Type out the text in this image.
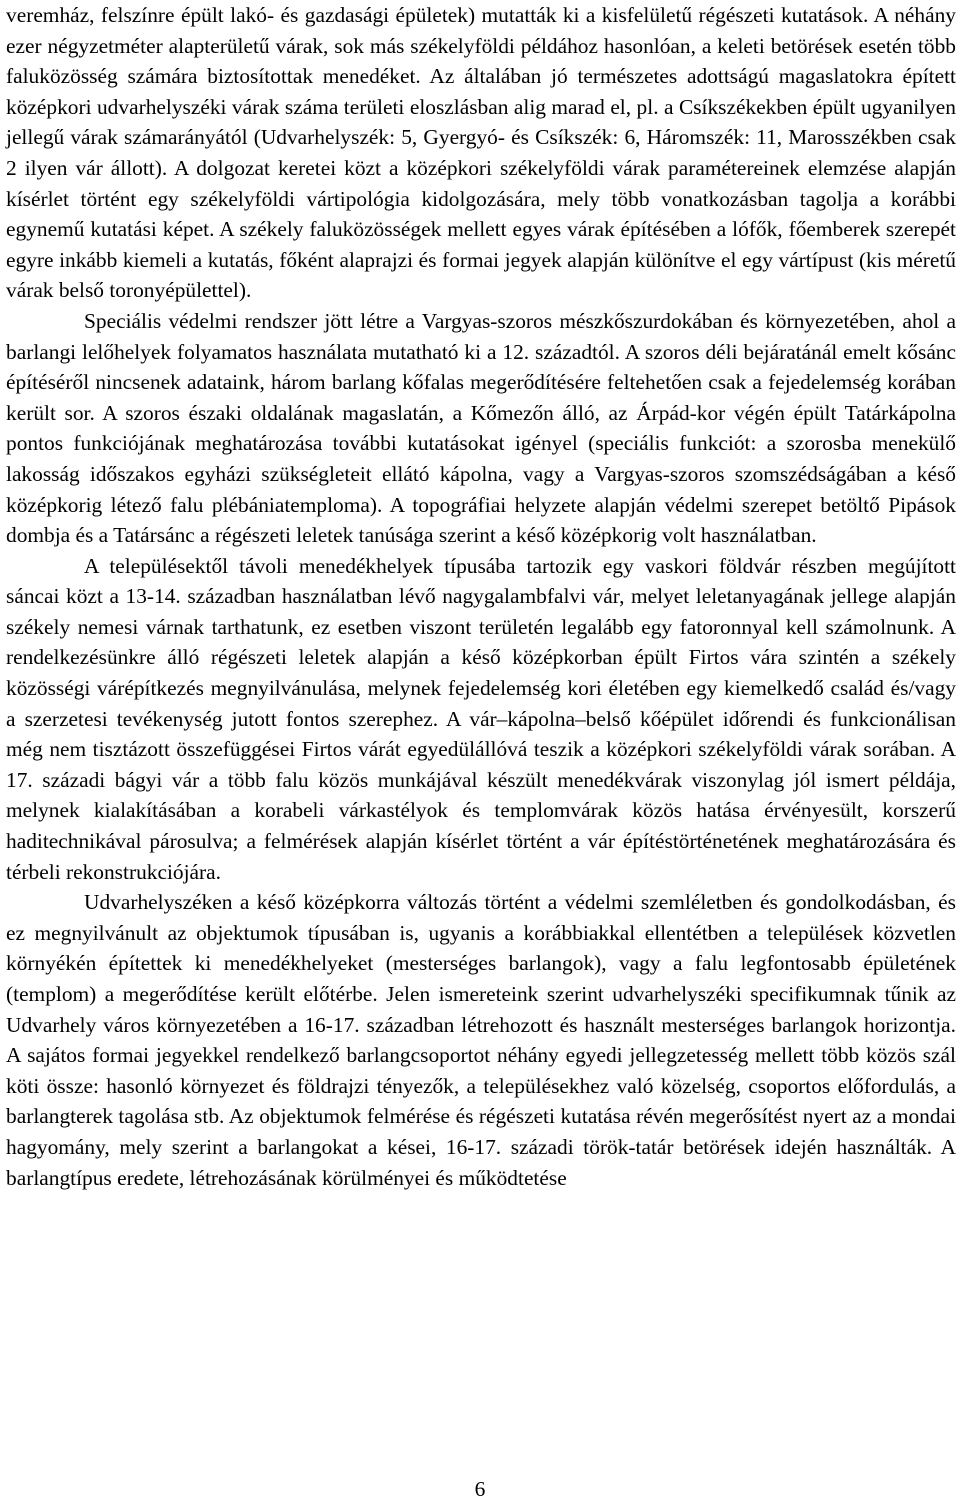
veremház, felszínre épült lakó- és gazdasági épületek) mutatták ki a kisfelületű régészeti kutatások. A néhány ezer négyzetméter alapterületű várak, sok más székelyföldi példához hasonlóan, a keleti betörések esetén több faluközösség számára biztosítottak menedéket. Az általában jó természetes adottságú magaslatokra épített középkori udvarhelyszéki várak száma területi eloszlásban alig marad el, pl. a Csíkszékekben épült ugyanilyen jellegű várak számarányától (Udvarhelyszék: 5, Gyergyó- és Csíkszék: 6, Háromszék: 11, Marosszékben csak 2 ilyen vár állott). A dolgozat keretei közt a középkori székelyföldi várak paramétereinek elemzése alapján kísérlet történt egy székelyföldi vártipológia kidolgozására, mely több vonatkozásban tagolja a korábbi egynemű kutatási képet. A székely faluközösségek mellett egyes várak építésében a lófők, főemberek szerepét egyre inkább kiemeli a kutatás, főként alaprajzi és formai jegyek alapján különítve el egy vártípust (kis méretű várak belső toronyépülettel).

Speciális védelmi rendszer jött létre a Vargyas-szoros mészkőszurdokában és környezetében, ahol a barlangi lelőhelyek folyamatos használata mutatható ki a 12. századtól. A szoros déli bejáratánál emelt kősánc építéséről nincsenek adataink, három barlang kőfalas megerődítésére feltehetően csak a fejedelemség korában került sor. A szoros északi oldalának magaslatán, a Kőmezőn álló, az Árpád-kor végén épült Tatárkápolna pontos funkciójának meghatározása további kutatásokat igényel (speciális funkciót: a szorosba menekülő lakosság időszakos egyházi szükségleteit ellátó kápolna, vagy a Vargyas-szoros szomszédságában a késő középkorig létező falu plébániatemploma). A topográfiai helyzete alapján védelmi szerepet betöltő Pipások dombja és a Tatársánc a régészeti leletek tanúsága szerint a késő középkorig volt használatban.

A településektől távoli menedékhelyek típusába tartozik egy vaskori földvár részben megújított sáncai közt a 13-14. században használatban lévő nagygalambfalvi vár, melyet leletanyagának jellege alapján székely nemesi várnak tarthatunk, ez esetben viszont területén legalább egy fatoronnyal kell számolnunk. A rendelkezésünkre álló régészeti leletek alapján a késő középkorban épült Firtos vára szintén a székely közösségi várépítkezés megnyilvánulása, melynek fejedelemség kori életében egy kiemelkedő család és/vagy a szerzetesi tevékenység jutott fontos szerephez. A vár–kápolna–belső kőépület időrendi és funkcionálisan még nem tisztázott összefüggései Firtos várát egyedülállóvá teszik a középkori székelyföldi várak sorában. A 17. századi bágyi vár a több falu közös munkájával készült menedékvárak viszonylag jól ismert példája, melynek kialakításában a korabeli várkastélyok és templomvárak közös hatása érvényesült, korszerű haditechnikával párosulva; a felmérések alapján kísérlet történt a vár építéstörténetének meghatározására és térbeli rekonstrukciójára.

Udvarhelyszéken a késő középkorra változás történt a védelmi szemléletben és gondolkodásban, és ez megnyilvánult az objektumok típusában is, ugyanis a korábbiakkal ellentétben a települések közvetlen környékén építettek ki menedékhelyeket (mesterséges barlangok), vagy a falu legfontosabb épületének (templom) a megerődítése került előtérbe. Jelen ismereteink szerint udvarhelyszéki specifikumnak tűnik az Udvarhely város környezetében a 16-17. században létrehozott és használt mesterséges barlangok horizontja. A sajátos formai jegyekkel rendelkező barlangcsoportot néhány egyedi jellegzetesség mellett több közös szál köti össze: hasonló környezet és földrajzi tényezők, a településekhez való közelség, csoportos előfordulás, a barlangterek tagolása stb. Az objektumok felmérése és régészeti kutatása révén megerősítést nyert az a mondai hagyomány, mely szerint a barlangokat a kései, 16-17. századi török-tatár betörések idején használták. A barlangtípus eredete, létrehozásának körülményei és működtetése

6
